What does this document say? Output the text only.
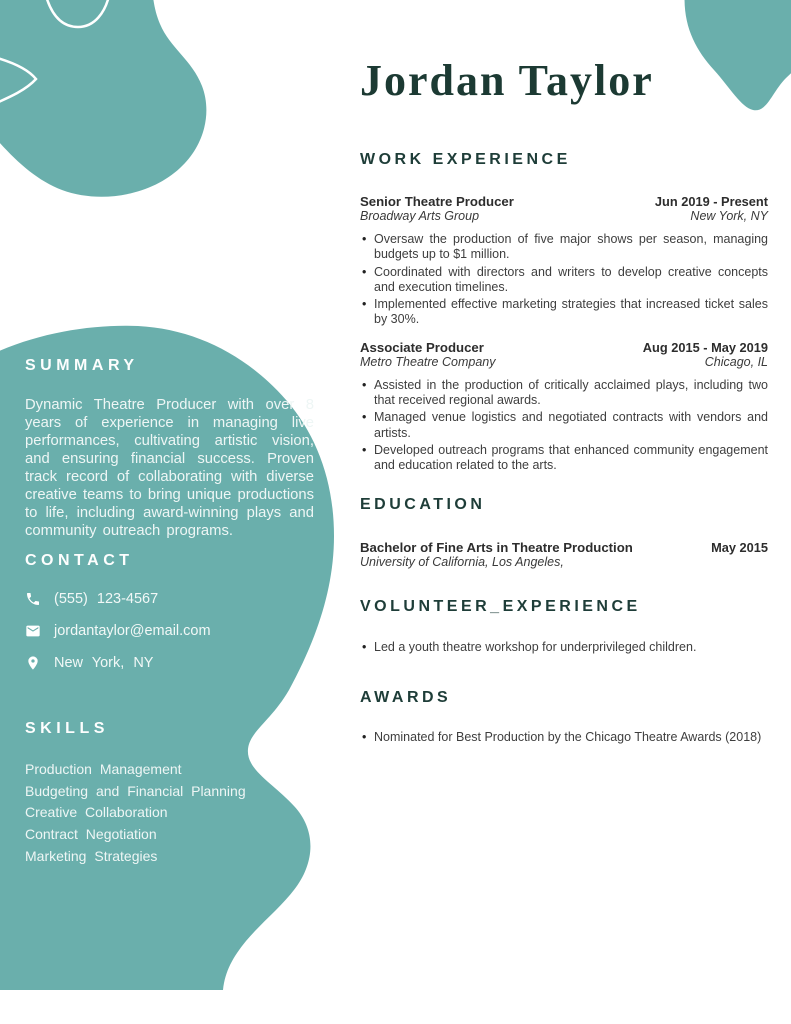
SUMMARY

Dynamic Theatre Producer with over 8 years of experience in managing live performances, cultivating artistic vision, and ensuring financial success. Proven track record of collaborating with diverse creative teams to bring unique productions to life, including award-winning plays and community outreach programs.

CONTACT
(555) 123-4567
jordantaylor@email.com
New York, NY
SKILLS
Production Management
Budgeting and Financial Planning
Creative Collaboration
Contract Negotiation
Marketing Strategies
Jordan Taylor
WORK EXPERIENCE
Senior Theatre Producer	Jun 2019 - Present
Broadway Arts Group	New York, NY
• Oversaw the production of five major shows per season, managing budgets up to $1 million.
• Coordinated with directors and writers to develop creative concepts and execution timelines.
• Implemented effective marketing strategies that increased ticket sales by 30%.
Associate Producer	Aug 2015 - May 2019
Metro Theatre Company	Chicago, IL
• Assisted in the production of critically acclaimed plays, including two that received regional awards.
• Managed venue logistics and negotiated contracts with vendors and artists.
• Developed outreach programs that enhanced community engagement and education related to the arts.
EDUCATION
Bachelor of Fine Arts in Theatre Production	May 2015
University of California, Los Angeles,
VOLUNTEER_EXPERIENCE
• Led a youth theatre workshop for underprivileged children.
AWARDS
• Nominated for Best Production by the Chicago Theatre Awards (2018)
